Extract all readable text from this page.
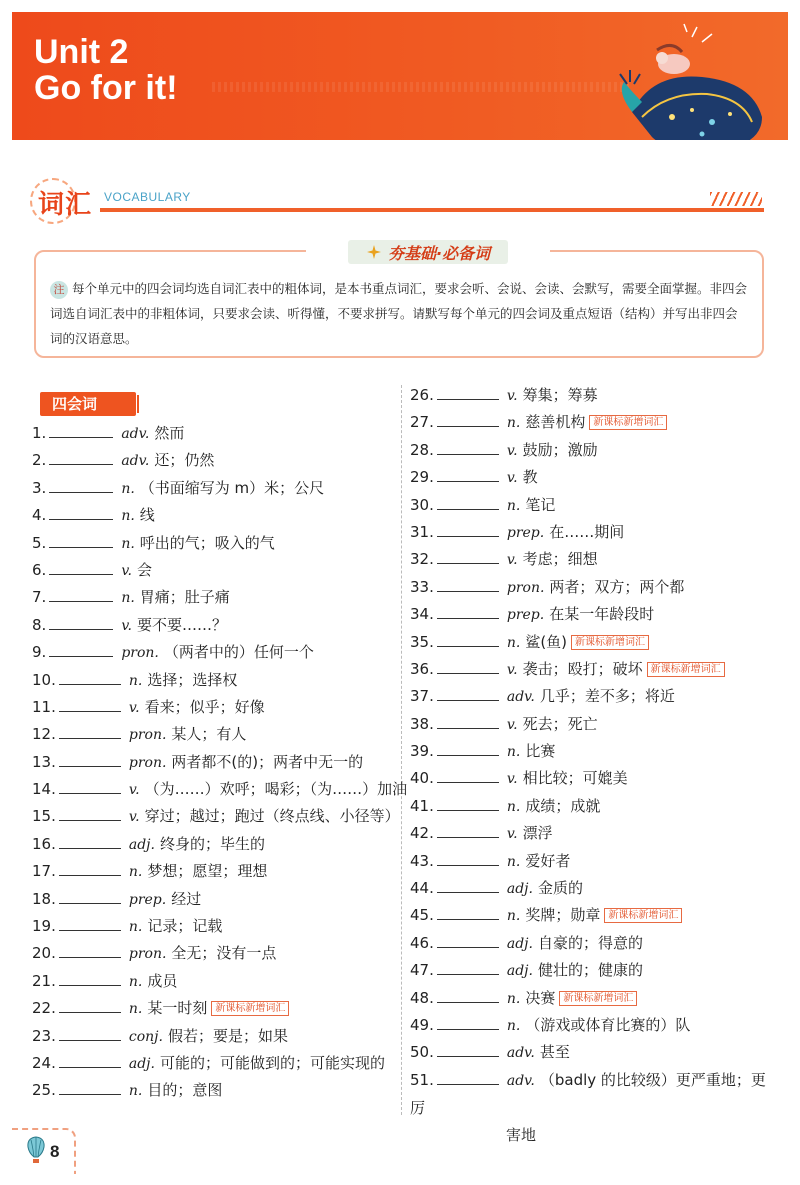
Unit 2
Go for it!
词汇 VOCABULARY
夯基础·必备词
注 每个单元中的四会词均选自词汇表中的粗体词，是本书重点词汇，要求会听、会说、会读、会默写，需要全面掌握。非四会词选自词汇表中的非粗体词，只要求会读、听得懂，不要求拼写。请默写每个单元的四会词及重点短语（结构）并写出非四会词的汉语意思。
四会词
1.	adv. 然而
2.	adv. 还；仍然
3.	n. （书面缩写为 m）米；公尺
4.	n. 线
5.	n. 呼出的气；吸入的气
6.	v. 会
7.	n. 胃痛；肚子痛
8.	v. 要不要……？
9.	pron. （两者中的）任何一个
10.	n. 选择；选择权
11.	v. 看来；似乎；好像
12.	pron. 某人；有人
13.	pron. 两者都不(的)；两者中无一的
14.	v. （为……）欢呼；喝彩；（为……）加油
15.	v. 穿过；越过；跑过（终点线、小径等）
16.	adj. 终身的；毕生的
17.	n. 梦想；愿望；理想
18.	prep. 经过
19.	n. 记录；记载
20.	pron. 全无；没有一点
21.	n. 成员
22.	n. 某一时刻 新课标新增词汇
23.	conj. 假若；要是；如果
24.	adj. 可能的；可能做到的；可能实现的
25.	n. 目的；意图
26.	v. 筹集；筹募
27.	n. 慈善机构 新课标新增词汇
28.	v. 鼓励；激励
29.	v. 教
30.	n. 笔记
31.	prep. 在……期间
32.	v. 考虑；细想
33.	pron. 两者；双方；两个都
34.	prep. 在某一年龄段时
35.	n. 鲨(鱼) 新课标新增词汇
36.	v. 袭击；殴打；破坏 新课标新增词汇
37.	adv. 几乎；差不多；将近
38.	v. 死去；死亡
39.	n. 比赛
40.	v. 相比较；可媲美
41.	n. 成绩；成就
42.	v. 漂浮
43.	n. 爱好者
44.	adj. 金质的
45.	n. 奖牌；勋章 新课标新增词汇
46.	adj. 自豪的；得意的
47.	adj. 健壮的；健康的
48.	n. 决赛 新课标新增词汇
49.	n. （游戏或体育比赛的）队
50.	adv. 甚至
51.	adv. （badly 的比较级）更严重地；更厉
害地
8
